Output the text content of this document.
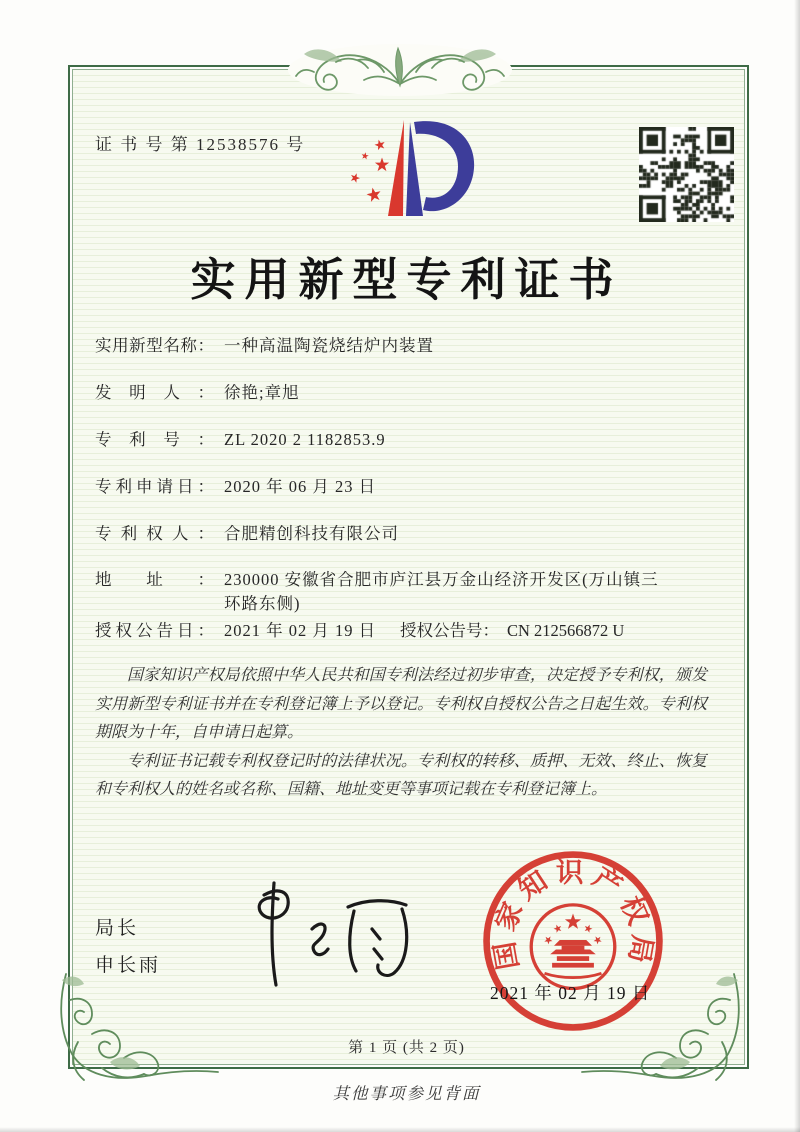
证 书 号 第 12538576 号
实用新型专利证书
实用新型名称： 一种高温陶瓷烧结炉内装置
发明人： 徐艳;章旭
专利号： ZL 2020 2 1182853.9
专利申请日： 2020 年 06 月 23 日
专利权人： 合肥精创科技有限公司
地址： 230000 安徽省合肥市庐江县万金山经济开发区(万山镇三环路东侧)
授权公告日： 2021 年 02 月 19 日	授权公告号： CN 212566872 U

国家知识产权局依照中华人民共和国专利法经过初步审查，决定授予专利权，颁发实用新型专利证书并在专利登记簿上予以登记。专利权自授权公告之日起生效。专利权期限为十年，自申请日起算。

专利证书记载专利权登记时的法律状况。专利权的转移、质押、无效、终止、恢复和专利权人的姓名或名称、国籍、地址变更等事项记载在专利登记簿上。

局长
申长雨	国家知识产权局
2021 年 02 月 19 日
第 1 页 (共 2 页)
其他事项参见背面
